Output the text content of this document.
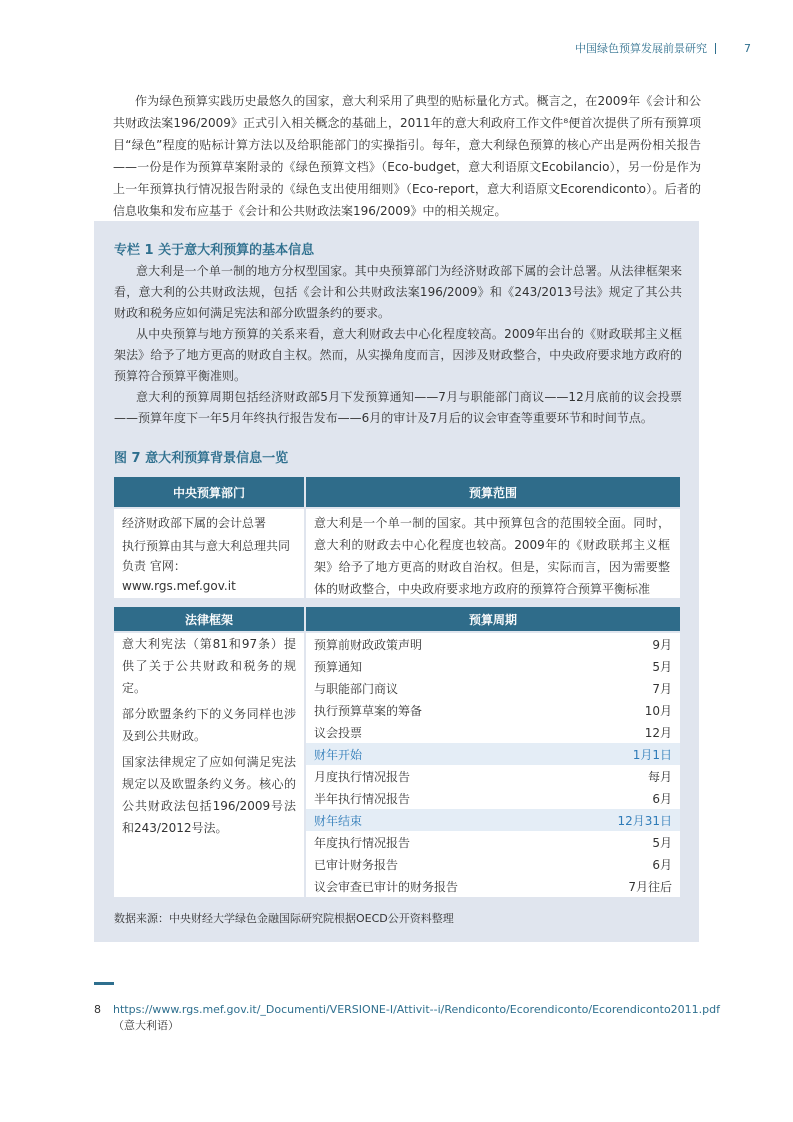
中国绿色预算发展前景研究	7

作为绿色预算实践历史最悠久的国家，意大利采用了典型的贴标量化方式。概言之，在2009年《会计和公共财政法案196/2009》正式引入相关概念的基础上，2011年的意大利政府工作文件⁸便首次提供了所有预算项目“绿色”程度的贴标计算方法以及给职能部门的实操指引。每年，意大利绿色预算的核心产出是两份相关报告——一份是作为预算草案附录的《绿色预算文档》（Eco-budget，意大利语原文Ecobilancio），另一份是作为上一年预算执行情况报告附录的《绿色支出使用细则》（Eco-report，意大利语原文Ecorendiconto）。后者的信息收集和发布应基于《会计和公共财政法案196/2009》中的相关规定。

专栏 1 关于意大利预算的基本信息

意大利是一个单一制的地方分权型国家。其中央预算部门为经济财政部下属的会计总署。从法律框架来看，意大利的公共财政法规，包括《会计和公共财政法案196/2009》和《243/2013号法》规定了其公共财政和税务应如何满足宪法和部分欧盟条约的要求。

从中央预算与地方预算的关系来看，意大利财政去中心化程度较高。2009年出台的《财政联邦主义框架法》给予了地方更高的财政自主权。然而，从实操角度而言，因涉及财政整合，中央政府要求地方政府的预算符合预算平衡准则。

意大利的预算周期包括经济财政部5月下发预算通知——7月与职能部门商议——12月底前的议会投票——预算年度下一年5月年终执行报告发布——6月的审计及7月后的议会审查等重要环节和时间节点。

图 7 意大利预算背景信息一览
中央预算部门	预算范围

经济财政部下属的会计总署

执行预算由其与意大利总理共同负责 官网：www.rgs.mef.gov.it

意大利是一个单一制的国家。其中预算包含的范围较全面。同时，意大利的财政去中心化程度也较高。2009年的《财政联邦主义框架》给予了地方更高的财政自治权。但是，实际而言，因为需要整体的财政整合，中央政府要求地方政府的预算符合预算平衡标准

法律框架	预算周期

意大利宪法（第81和97条）提供了关于公共财政和税务的规定。

部分欧盟条约下的义务同样也涉及到公共财政。

国家法律规定了应如何满足宪法规定以及欧盟条约义务。核心的公共财政法包括196/2009号法和243/2012号法。

预算前财政政策声明	9月
预算通知	5月
与职能部门商议	7月
执行预算草案的筹备	10月
议会投票	12月
财年开始	1月1日
月度执行情况报告	每月
半年执行情况报告	6月
财年结束	12月31日
年度执行情况报告	5月
已审计财务报告	6月
议会审查已审计的财务报告	7月往后
数据来源：中央财经大学绿色金融国际研究院根据OECD公开资料整理
8 https://www.rgs.mef.gov.it/_Documenti/VERSIONE-I/Attivit--i/Rendiconto/Ecorendiconto/Ecorendiconto2011.pdf
（意大利语）
